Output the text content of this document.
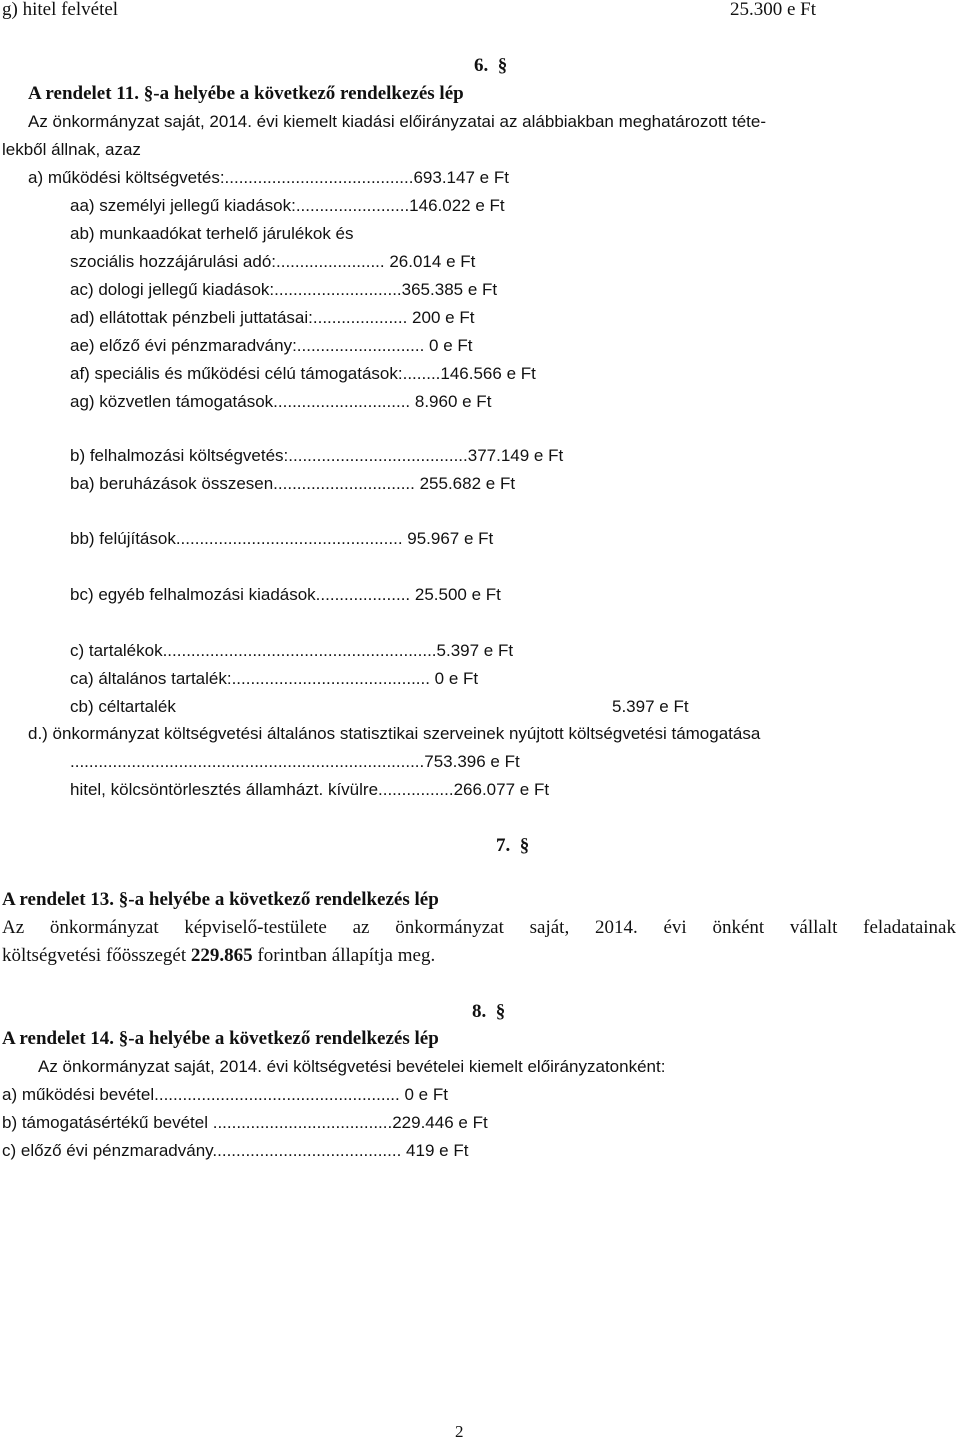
g) hitel felvétel	25.300 e Ft
6.  §
A rendelet 11. §-a helyébe a következő rendelkezés lép
Az önkormányzat saját, 2014. évi kiemelt kiadási előirányzatai az alábbiakban meghatározott téte-
lekből állnak, azaz
a) működési költségvetés:........................................693.147 e Ft
aa) személyi jellegű kiadások:........................146.022 e Ft
ab) munkaadókat terhelő járulékok és
szociális hozzájárulási adó:....................... 26.014 e Ft
ac) dologi jellegű kiadások:...........................365.385 e Ft
ad) ellátottak pénzbeli juttatásai:.................... 200 e Ft
ae) előző évi pénzmaradvány:........................... 0 e Ft
af) speciális és működési célú támogatások:........146.566 e Ft
ag) közvetlen támogatások............................. 8.960 e Ft
b) felhalmozási költségvetés:......................................377.149 e Ft
ba) beruházások összesen.............................. 255.682 e Ft
bb) felújítások................................................ 95.967 e Ft
bc) egyéb felhalmozási kiadások.................... 25.500 e Ft
c) tartalékok..........................................................5.397 e Ft
ca) általános tartalék:.......................................... 0 e Ft
cb) céltartalék	5.397 e Ft
d.) önkormányzat költségvetési általános statisztikai szerveinek nyújtott költségvetési támogatása
...........................................................................753.396 e Ft
hitel, kölcsöntörlesztés államházt. kívülre................266.077 e Ft
7.  §
A rendelet 13. §-a helyébe a következő rendelkezés lép
Az önkormányzat képviselő-testülete az önkormányzat saját, 2014. évi önként vállalt feladatainak
költségvetési főösszegét 229.865 forintban állapítja meg.
8.  §
A rendelet 14. §-a helyébe a következő rendelkezés lép
Az önkormányzat saját, 2014. évi költségvetési bevételei kiemelt előirányzatonként:
a) működési bevétel.................................................... 0 e Ft
b) támogatásértékű bevétel ......................................229.446 e Ft
c) előző évi pénzmaradvány........................................ 419 e Ft
2
